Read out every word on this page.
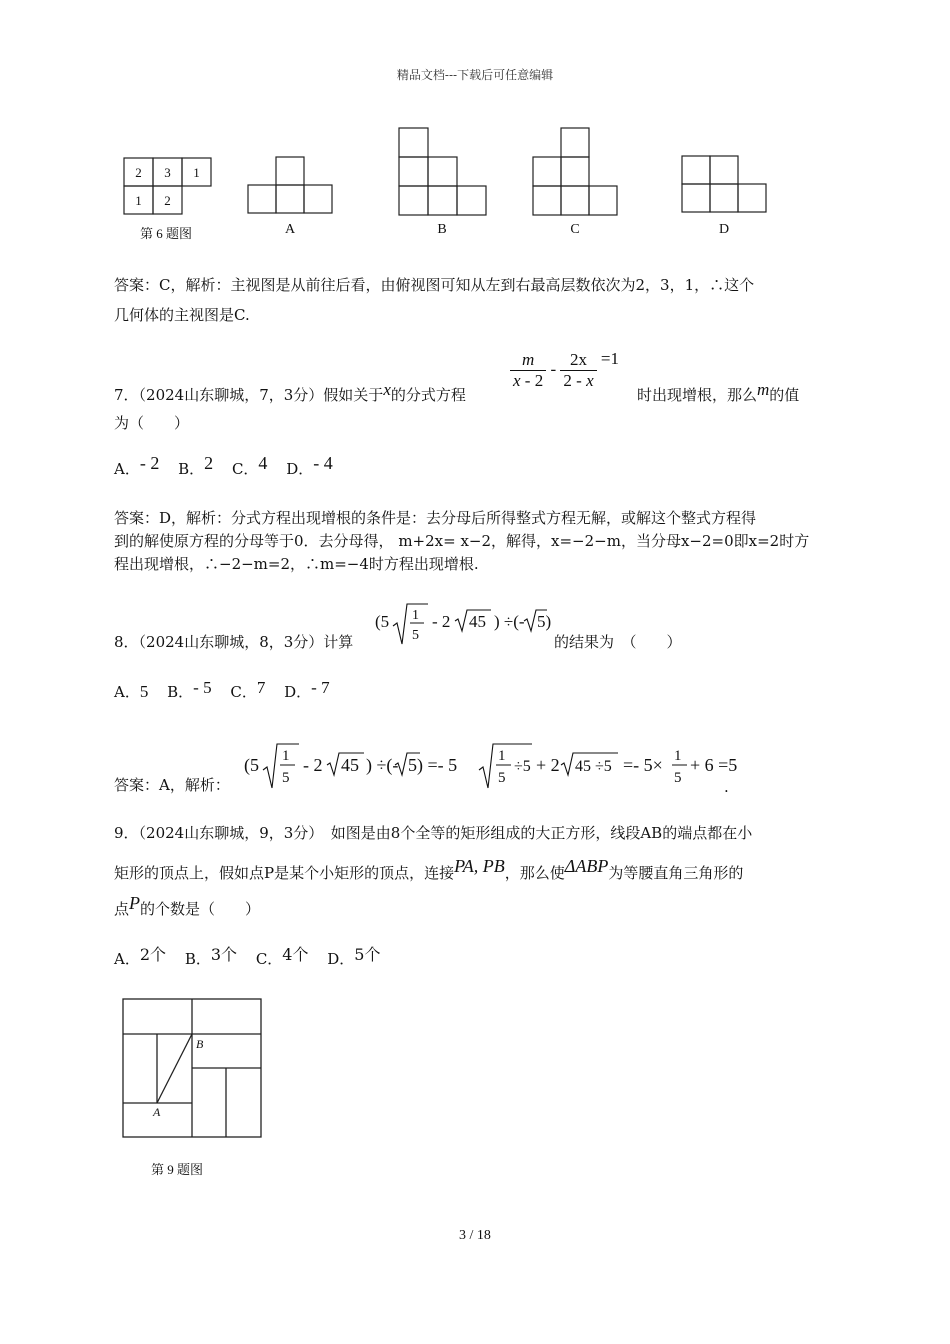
精品文档---下载后可任意编辑
2 3 1
1 2
第 6 题图	A	B	C	D
答案：C，解析：主视图是从前往后看，由俯视图可知从左到右最高层数依次为2，3，1，∴这个
几何体的主视图是C.
7．（2024山东聊城，7，3分）假如关于x的分式方程
$\frac{m}{x - 2} - \frac{2x}{2 - x} =1$
时出现增根，那么m的值
为（　　）
A．- 2 B．2 C．4 D．- 4
答案：D，解析：分式方程出现增根的条件是：去分母后所得整式方程无解，或解这个整式方程得
到的解使原方程的分母等于0．去分母得， m+2x= x−2，解得，x=−2−m，当分母x−2=0即x=2时方
程出现增根，∴−2−m=2，∴m=−4时方程出现增根.
8．（2024山东聊城，8，3分）计算
(5 1
5
- 2 45 ) ÷(- 5)
(5√(1/5) - 2√45) ÷(- √5)
的结果为　（　　）
A．5 B．- 5 C．7 D．- 7
答案：A，解析：
(5 1
5
- 2 45 ) ÷(- 5) =- 5	1
5
÷5 + 2 45 ÷5 =- 5× 1
5
(5√(1/5) - 2√45) ÷(- √5) =- 5√(1/5 ÷5) + 2√(45 ÷5) =- 5×1/5 + 6 =5
+ 6 =5
.
9．（2024山东聊城，9，3分）　如图是由8个全等的矩形组成的大正方形，线段AB的端点都在小
矩形的顶点上，假如点P是某个小矩形的顶点，连接PA, PB，那么使ΔABP为等腰直角三角形的
点P的个数是（　　）
A．2个 B．3个 C．4个 D．5个
A
B
第 9 题图
3 / 18
